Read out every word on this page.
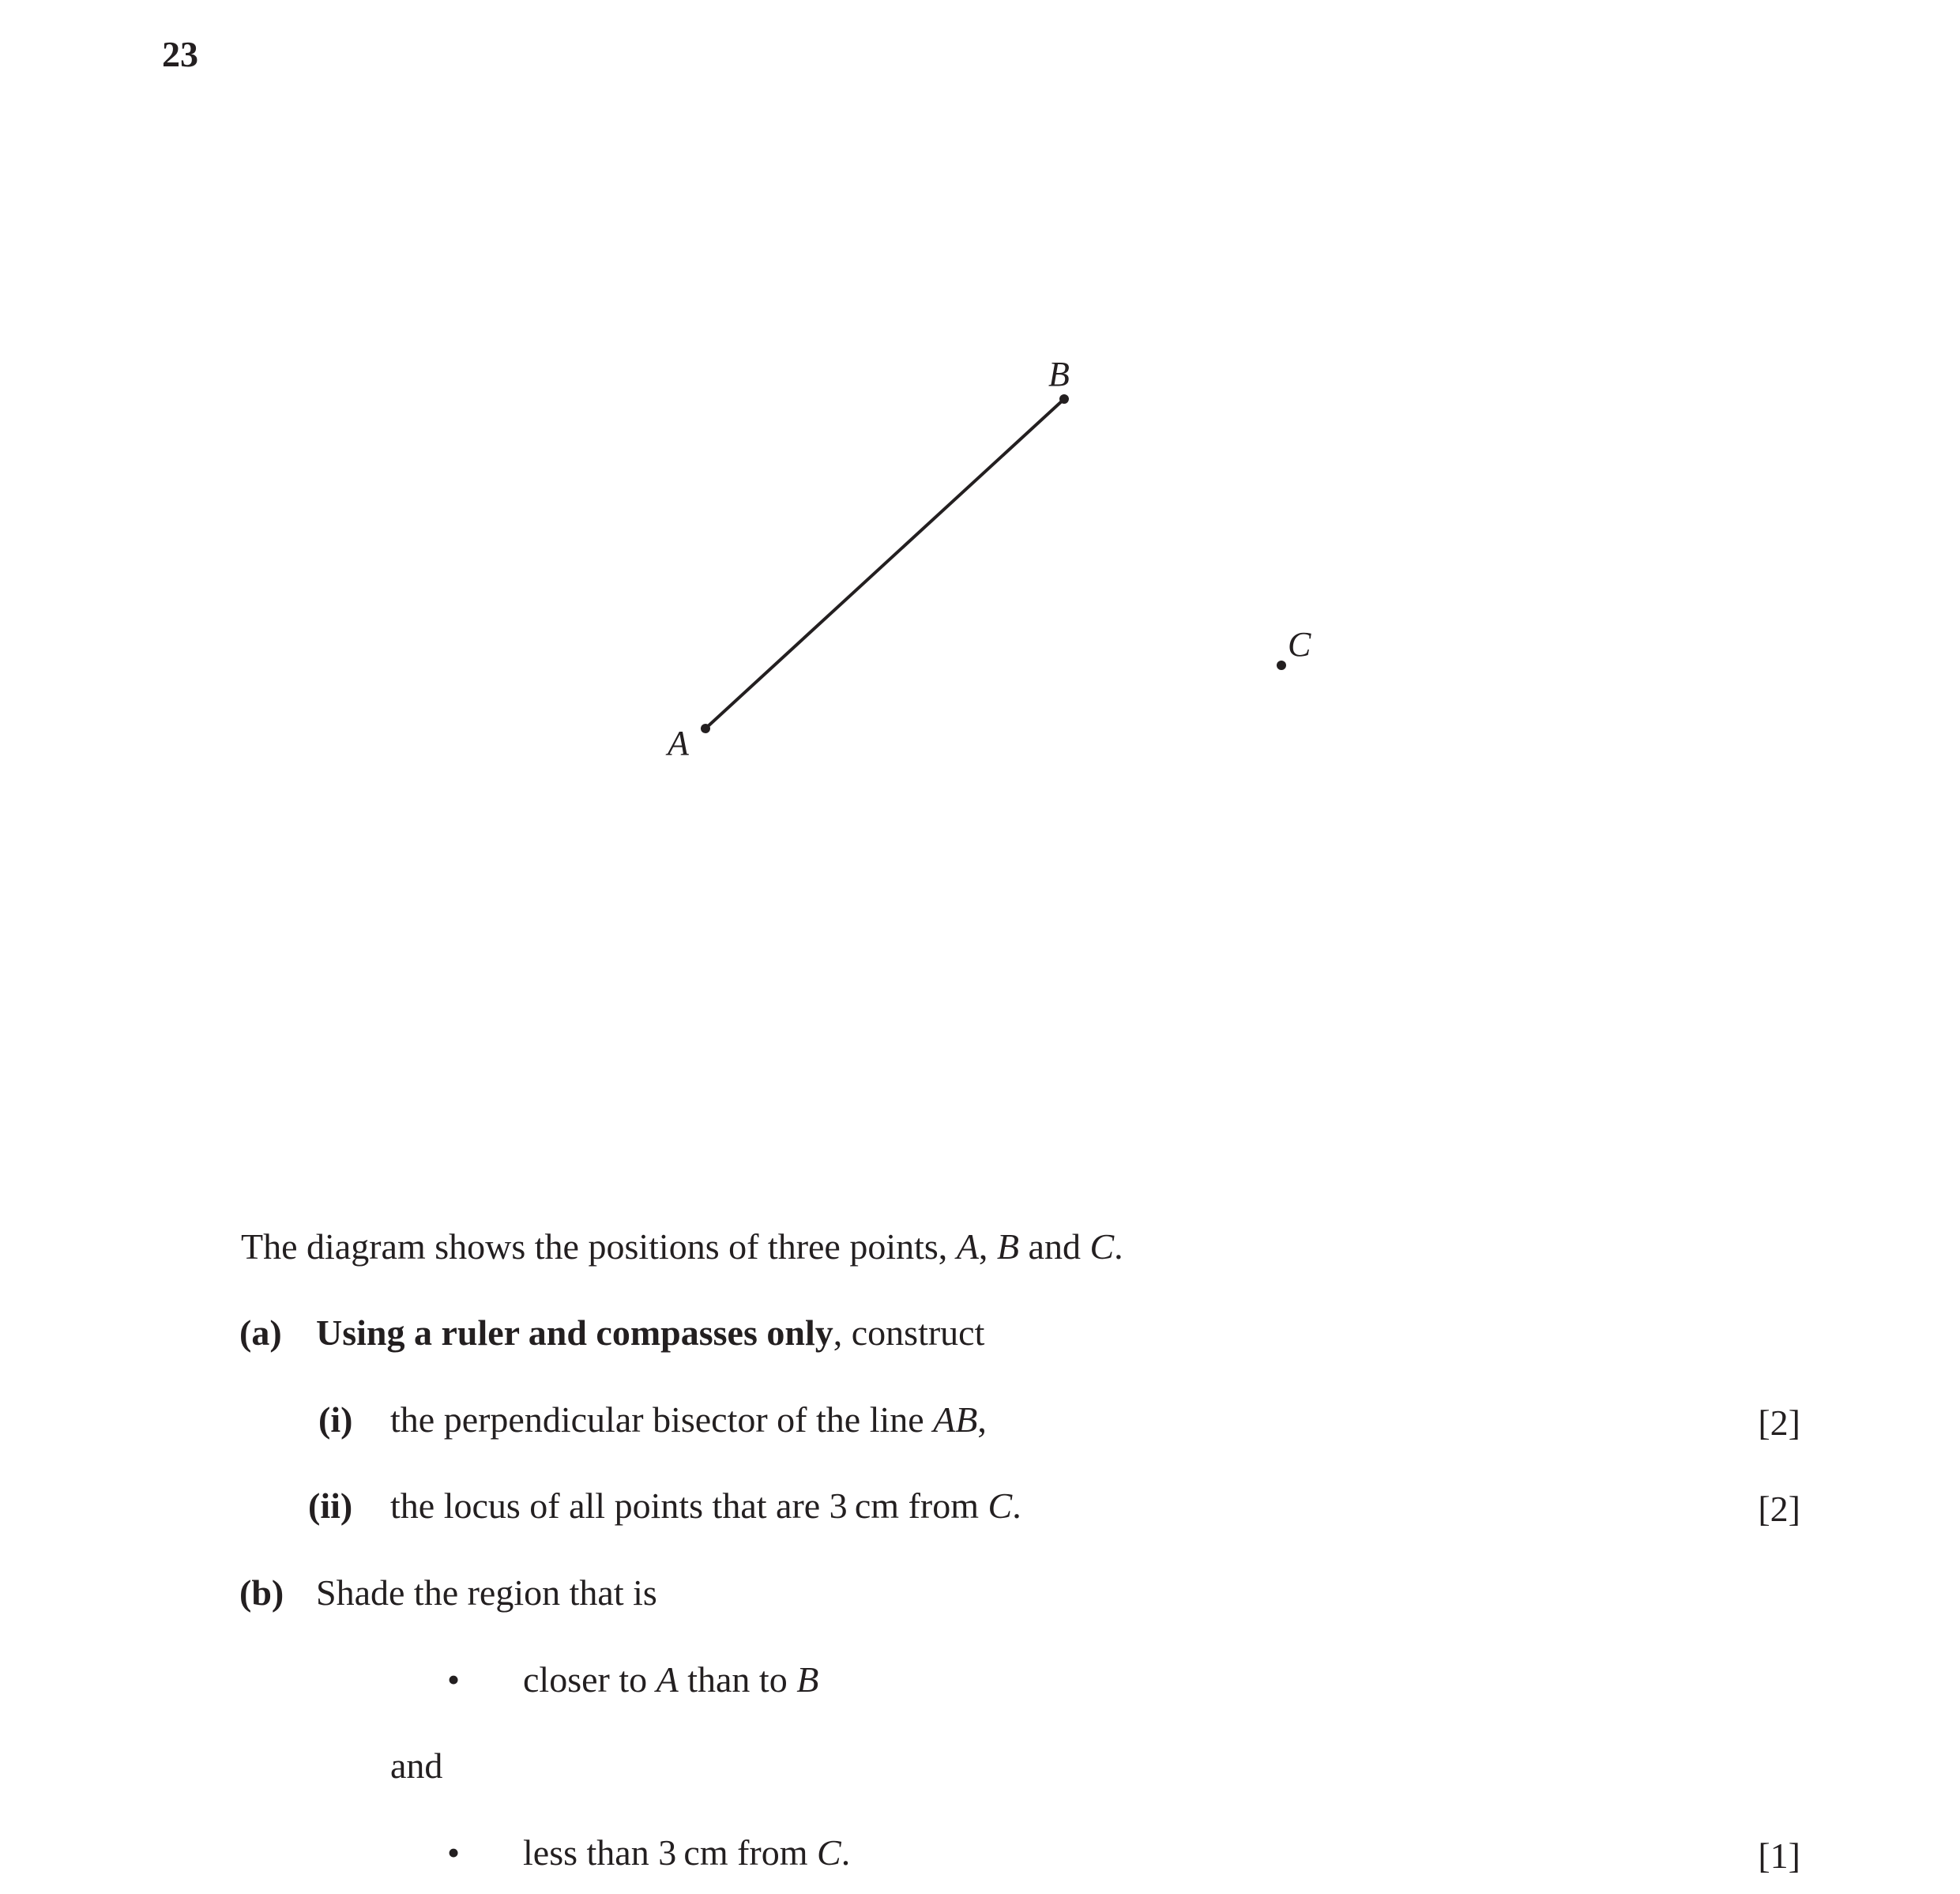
23
A
B
C
The diagram shows the positions of three points, A, B and C.
(a) Using a ruler and compasses only, construct
(i) the perpendicular bisector of the line AB,	[2]
(ii) the locus of all points that are 3 cm from C.	[2]
(b) Shade the region that is
• closer to A than to B
and
• less than 3 cm from C.	[1]
